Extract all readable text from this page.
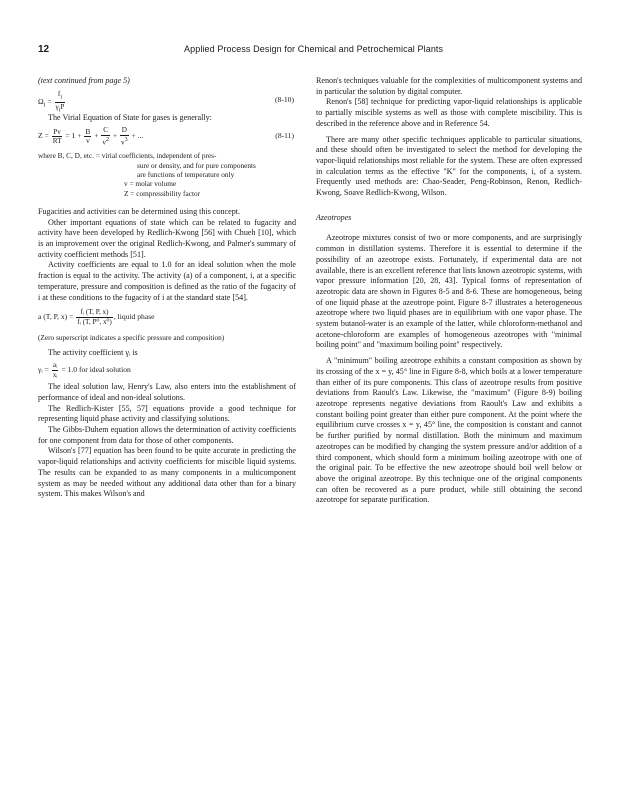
12	Applied Process Design for Chemical and Petrochemical Plants

(text continued from page 5)

$\Omega_i = \frac{f_i}{\gamma_iP}$	(8-10)

The Virial Equation of State for gases is generally:

$Z = \frac{Pv}{RT} = 1 + \frac{B}{v} + \frac{C}{v^2} + \frac{D}{v^3}$ + ...	(8-11)
where B, C, D, etc. = virial coefficients, independent of pres-
sure or density, and for pure components
are functions of temperature only
v = molar volume
Z = compressibility factor

Fugacities and activities can be determined using this concept.

Other important equations of state which can be related to fugacity and activity have been developed by Redlich-Kwong [56] with Chueh [10], which is an improvement over the original Redlich-Kwong, and Palmer's summary of activity coefficient methods [51].

Activity coefficients are equal to 1.0 for an ideal solution when the mole fraction is equal to the activity. The activity (a) of a component, i, at a specific temperature, pressure and composition is defined as the ratio of the fugacity of i at these conditions to the fugacity of i at the standard state [54].

a (T, P, $x) = \frac{\text{fᵢ (T, P, x)}}{\text{fᵢ (T, P⁰, x⁰)}}$ , liquid phase
(Zero superscript indicates a specific pressure and composition)

The activity coefficient γᵢ is

γᵢ = $\frac{\text{aᵢ}}{\text{xᵢ}} = 1.0$ for ideal solution

The ideal solution law, Henry's Law, also enters into the establishment of performance of ideal and non-ideal solutions.

The Redlich-Kister [55, 57] equations provide a good technique for representing liquid phase activity and classifying solutions.

The Gibbs-Duhem equation allows the determination of activity coefficients for one component from data for those of other components.

Wilson's [77] equation has been found to be quite accurate in predicting the vapor-liquid relationships and activity coefficients for miscible liquid systems. The results can be expanded to as many components in a multicomponent system as may be needed without any additional data other than for a binary system. This makes Wilson's and

Renon's techniques valuable for the complexities of multicomponent systems and in particular the solution by digital computer.

Renon's [58] technique for predicting vapor-liquid relationships is applicable to partially miscible systems as well as those with complete miscibility. This is described in the reference above and in Reference 54.

There are many other specific techniques applicable to particular situations, and these should often be investigated to select the method for developing the vapor-liquid relationships most reliable for the system. These are often expressed in calculation terms as the effective "K" for the components, i, of a system. Frequently used methods are: Chao-Seader, Peng-Robinson, Renon, Redlich-Kwong, Soave Redlich-Kwong, Wilson.

Azeotropes

Azeotrope mixtures consist of two or more components, and are surprisingly common in distillation systems. Therefore it is essential to determine if the possibility of an azeotrope exists. Fortunately, if experimental data are not available, there is an excellent reference that lists known azeotropic systems, with vapor pressure information [20, 28, 43]. Typical forms of representation of azeotropic data are shown in Figures 8-5 and 8-6. These are homogeneous, being of one liquid phase at the azeotrope point. Figure 8-7 illustrates a heterogeneous azeotrope where two liquid phases are in equilibrium with one vapor phase. The system butanol-water is an example of the latter, while chloroform-methanol and acetone-chloroform are examples of homogeneous azeotropes with "minimal boiling point" and "maximum boiling point" respectively.

A "minimum" boiling azeotrope exhibits a constant composition as shown by its crossing of the x = y, 45° line in Figure 8-8, which boils at a lower temperature than either of its pure components. This class of azeotrope results from positive deviations from Raoult's Law. Likewise, the "maximum" (Figure 8-9) boiling azeotrope represents negative deviations from Raoult's Law and exhibits a constant boiling point greater than either pure component. At the point where the equilibrium curve crosses x = y, 45° line, the composition is constant and cannot be further purified by normal distillation. Both the minimum and maximum azeotropes can be modified by changing the system pressure and/or addition of a third component, which should form a minimum boiling azeotrope with one of the original pair. To be effective the new azeotrope should boil well below or above the original azeotrope. By this technique one of the original components can often be recovered as a pure product, while still obtaining the second azeotrope for separate purification.
